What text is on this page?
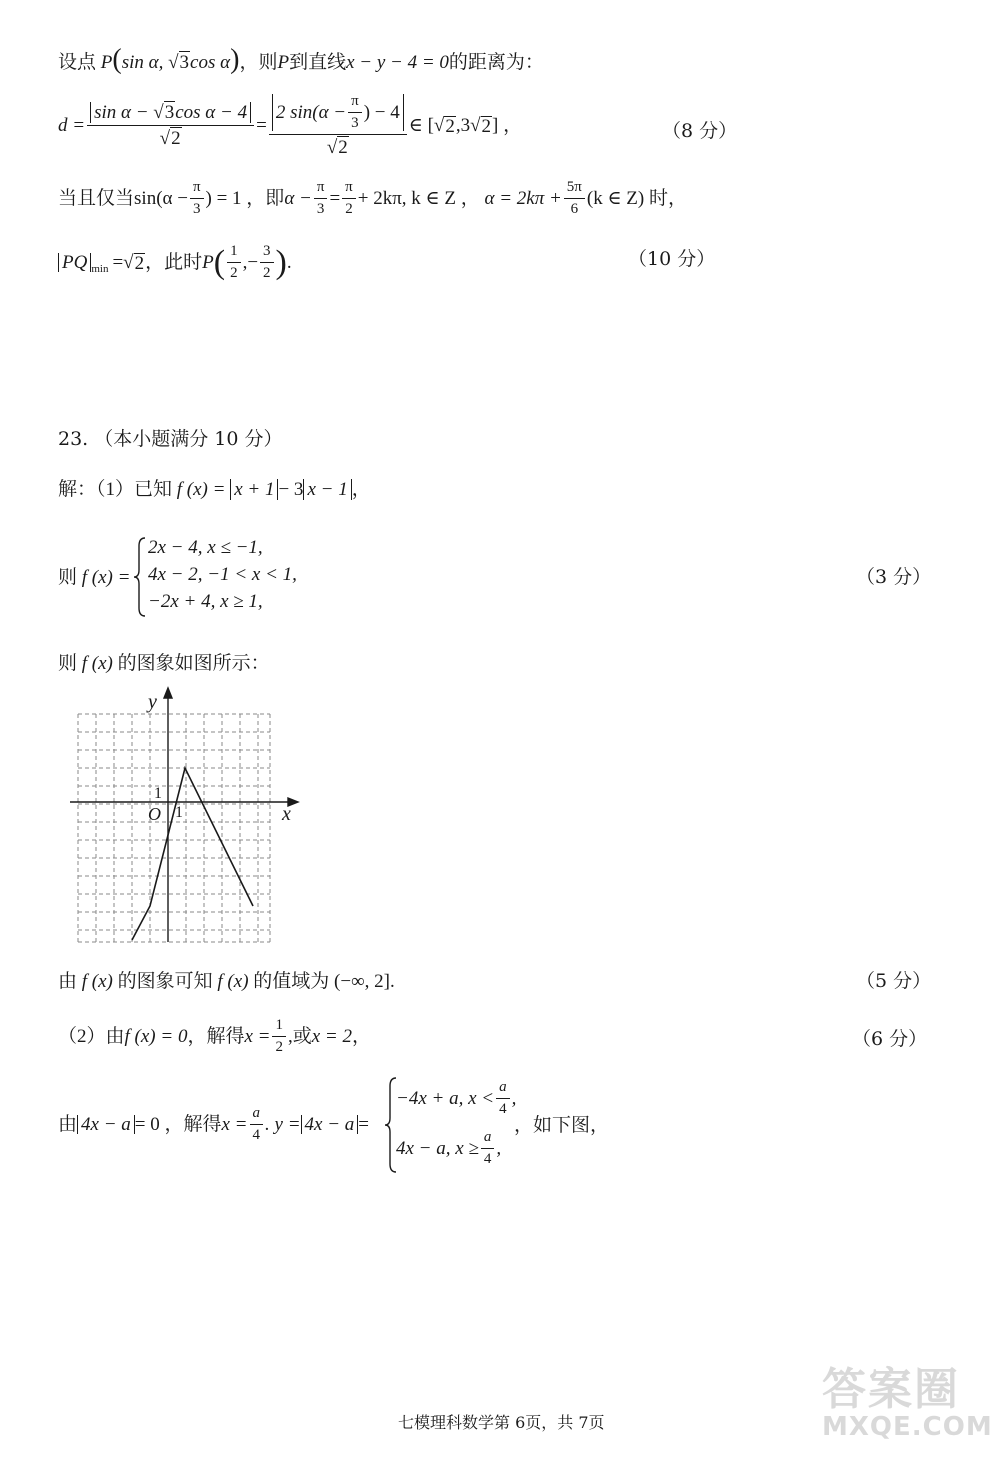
设点 P(sin α, √3cos α)，则P到直线x − y − 4 = 0的距离为：
$d = \frac{\text{sin α − √3cos α − 4}}{√2} = \frac{2 \sin(\alpha - \frac{\pi}{3} ) - 4}{√2}$ ∈ [ √ 2 ,3 √ 2 ] ，	（8 分）
当且仅当 $\sin(\alpha - \frac{\pi}{3}$ ) = 1 ，即 $\alpha - \frac{\pi}{3} = \frac{\pi}{2} + 2k\pi$, k ∈ Z ，
$\alpha = 2k\pi + \frac{5\pi}{6} (k$ ∈ Z) 时，
PQ $_{min}$ = √ 2 ，此时 P ( $\frac{1}{2}$ ,− $\frac{3}{2}$ ) .	（10 分）
23. （本小题满分 10 分）
解：（1）已知 f (x) = x + 1 − 3 x − 1 ，
则 f (x) =
2x − 4, x ≤ −1,
4x − 2, −1 < x < 1,
−2x + 4, x ≥ 1,
（3 分）
则 f (x) 的图象如图所示：
y
x
O
1
1
由 f (x) 的图象可知 f (x) 的值域为 (−∞, 2].	（5 分）
（2）由 f (x) = 0 ，解得 $x = \frac{1}{2}$ ,或 x = 2 ，	（6 分）
由 4x − a = 0 ，解得 $x = \frac{a}{4}$ . y = 4x − a =
−4x + a, $x < \frac{a}{4}$ ,
4x − a, $x \ge \frac{a}{4}$ ,
，如下图，
七模理科数学第 6页，共 7页
答案圈
MXQE.COM
